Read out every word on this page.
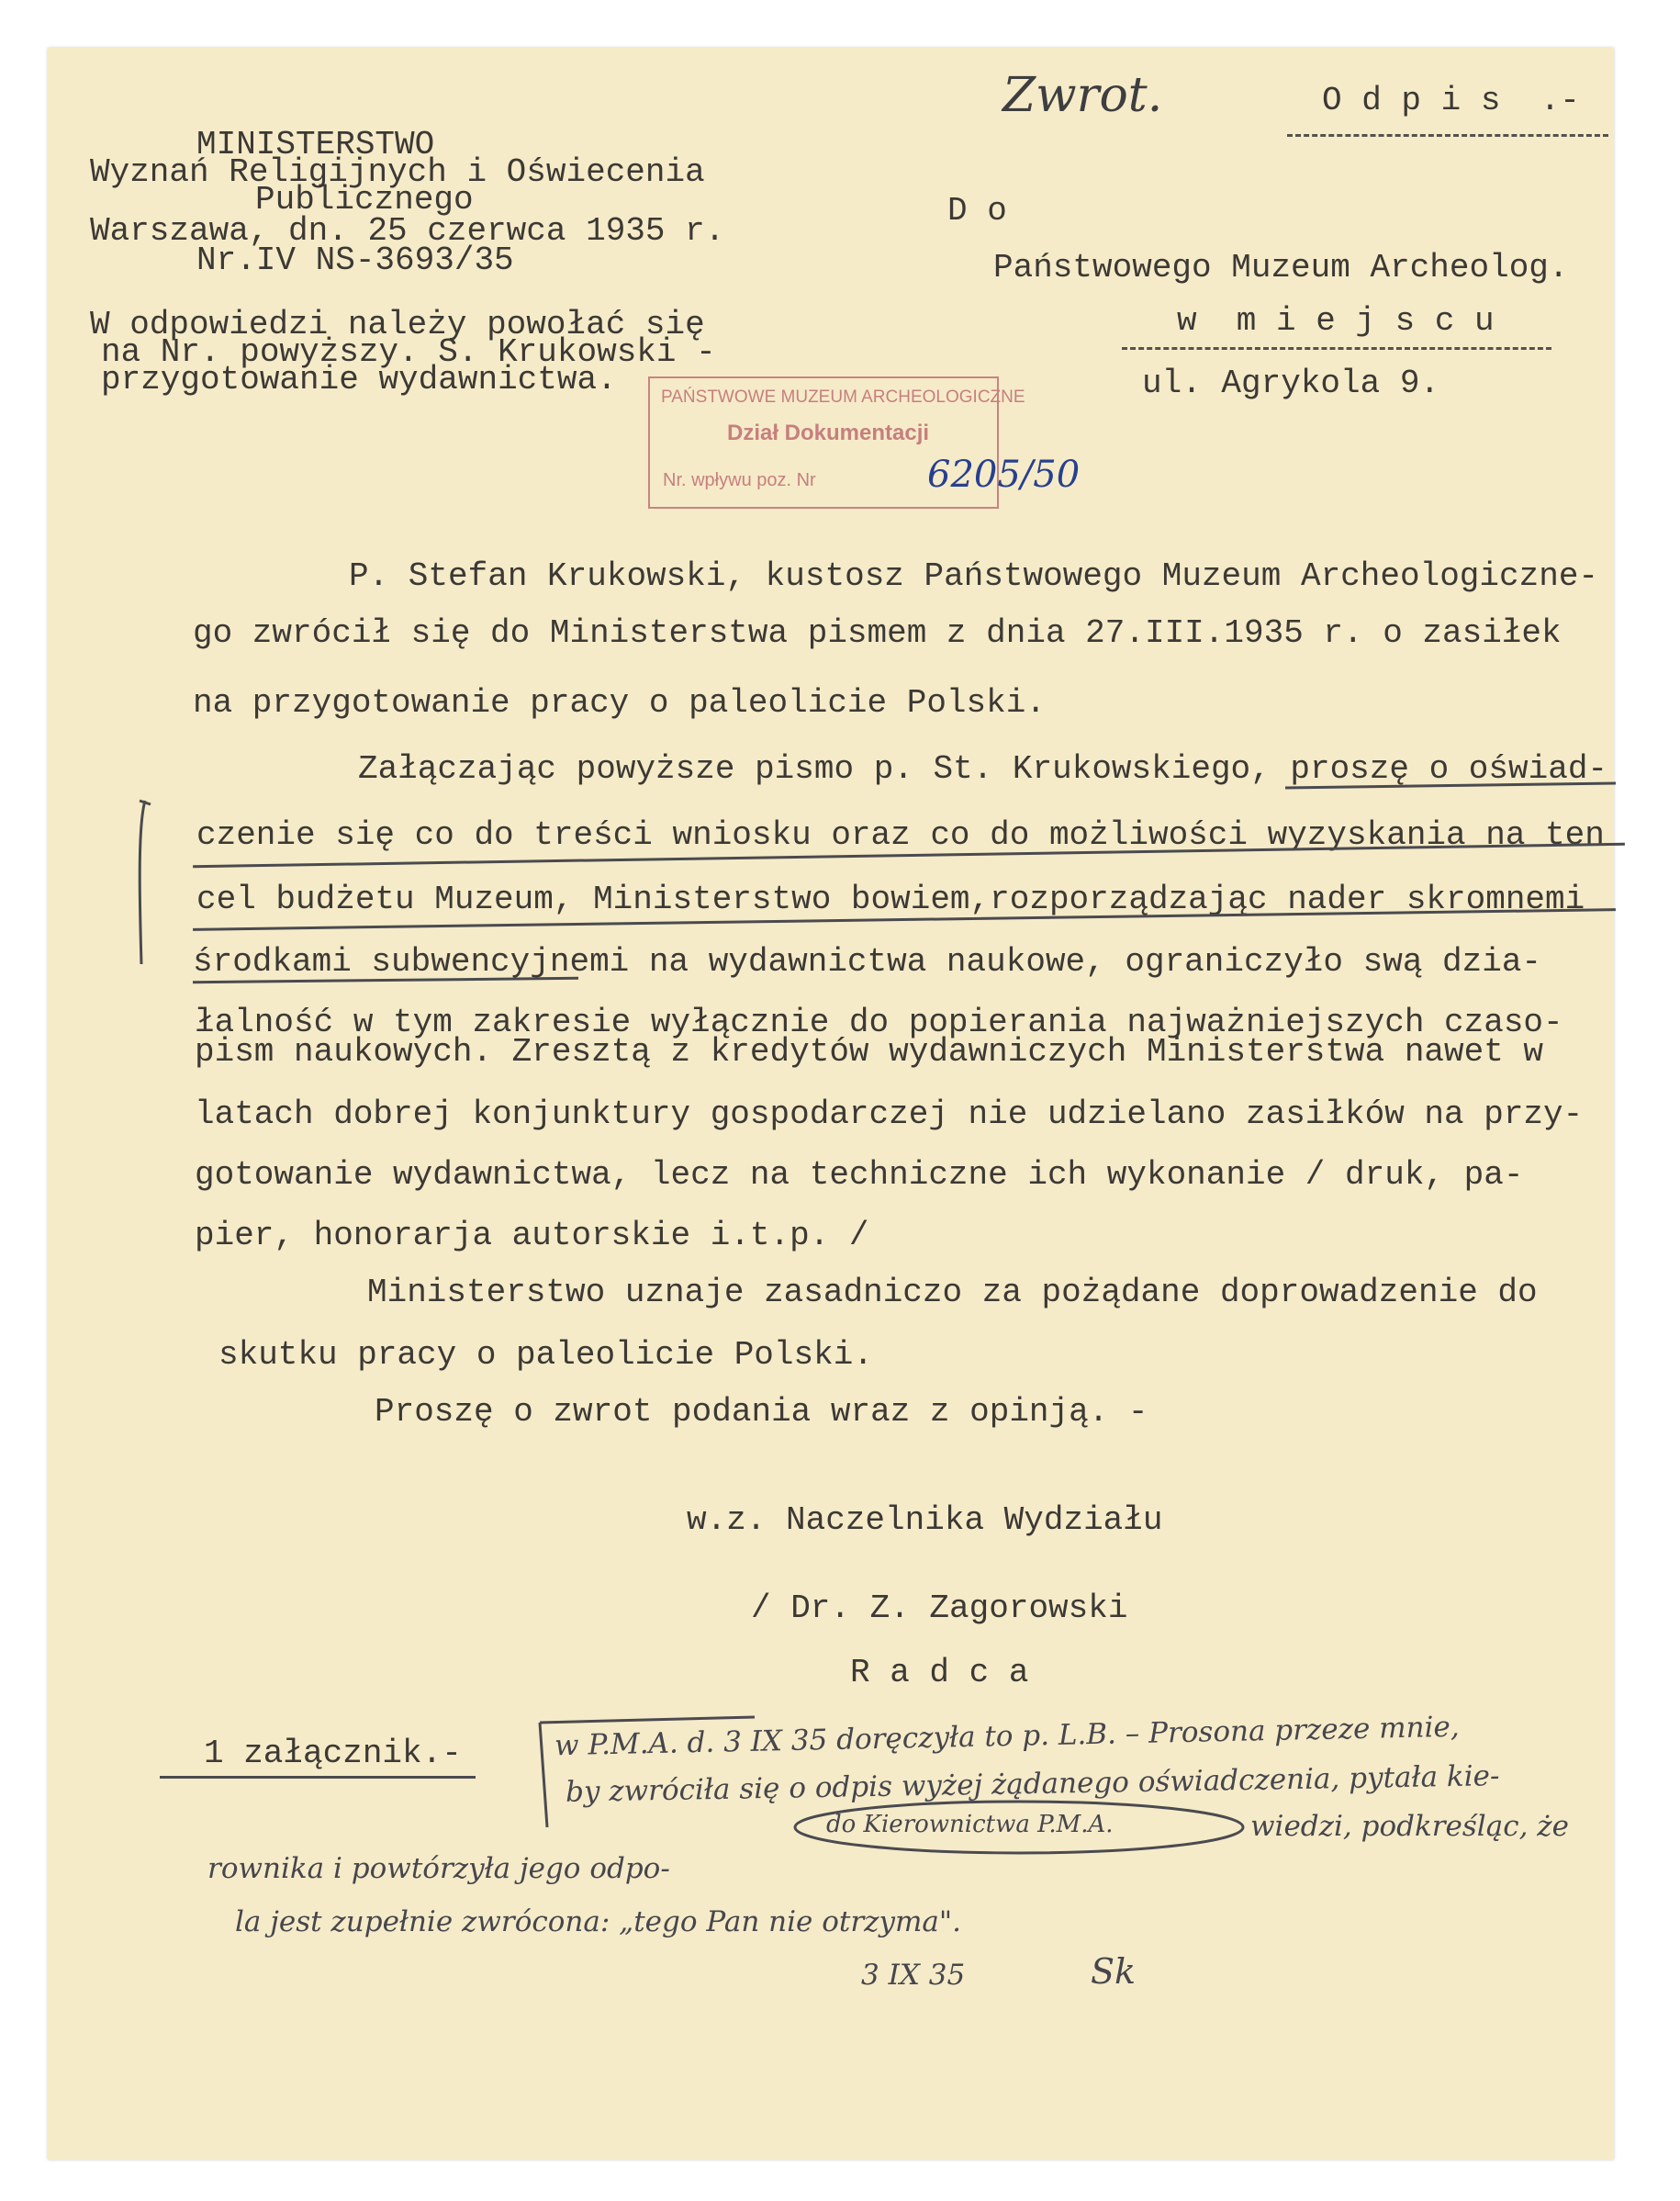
Zwrot.	O d p i s  .-
MINISTERSTWO
Wyznań Religijnych i Oświecenia
Publicznego
Warszawa, dn. 25 czerwca 1935 r.
Nr.IV NS-3693/35
W odpowiedzi należy powołać się
na Nr. powyższy. S. Krukowski -
przygotowanie wydawnictwa.
D o
Państwowego Muzeum Archeolog.
w  m i e j s c u
ul. Agrykola 9.
PAŃSTWOWE MUZEUM ARCHEOLOGICZNE
Dział Dokumentacji
Nr. wpływu poz. Nr	6205/50
P. Stefan Krukowski, kustosz Państwowego Muzeum Archeologiczne-
go zwrócił się do Ministerstwa pismem z dnia 27.III.1935 r. o zasiłek
na przygotowanie pracy o paleolicie Polski.
Załączając powyższe pismo p. St. Krukowskiego, proszę o oświad-
czenie się co do treści wniosku oraz co do możliwości wyzyskania na ten
cel budżetu Muzeum, Ministerstwo bowiem,rozporządzając nader skromnemi
środkami subwencyjnemi na wydawnictwa naukowe, ograniczyło swą dzia-
łalność w tym zakresie wyłącznie do popierania najważniejszych czaso-
pism naukowych. Zresztą z kredytów wydawniczych Ministerstwa nawet w
latach dobrej konjunktury gospodarczej nie udzielano zasiłków na przy-
gotowanie wydawnictwa, lecz na techniczne ich wykonanie / druk, pa-
pier, honorarja autorskie i.t.p. /
Ministerstwo uznaje zasadniczo za pożądane doprowadzenie do
skutku pracy o paleolicie Polski.
Proszę o zwrot podania wraz z opinją. -
w.z. Naczelnika Wydziału
/ Dr. Z. Zagorowski
R a d c a
1 załącznik.-	w P.M.A. d. 3 IX 35 doręczyła to p. L.B. – Prosona przeze mnie,
by zwróciła się o odpis wyżej żądanego oświadczenia, pytała kie-
do Kierownictwa P.M.A.	wiedzi, podkreśląc, że
rownika i powtórzyła jego odpo-
la jest zupełnie zwrócona: „tego Pan nie otrzyma".
3 IX 35	Sk
